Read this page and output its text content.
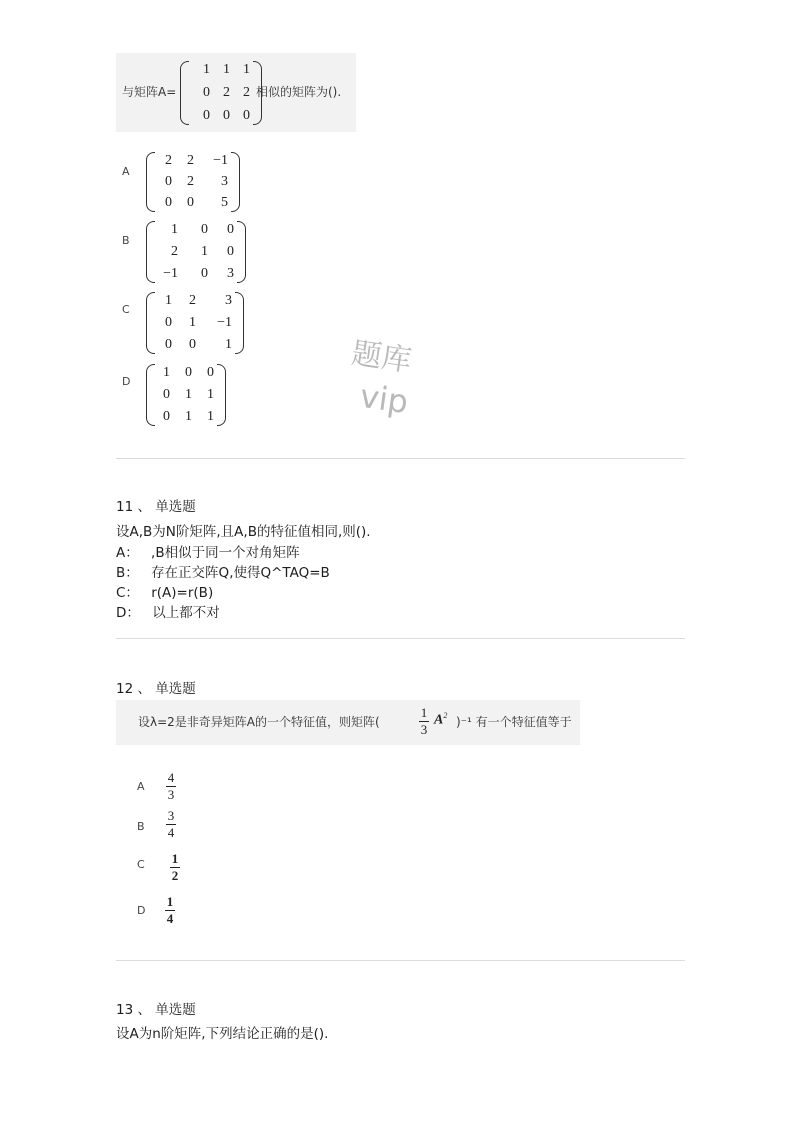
与矩阵A=
1 1 1
0 2 2
0 0 0
相似的矩阵为().
A
2	2	−1
0	2	3
0	0	5
B
1	0	0
2	1	0
−1	0	3
C
1	2	3
0	1	−1
0	0	1
D
1	0	0
0	1	1
0	1	1
题库
vip
11 、 单选题
设A,B为N阶矩阵,且A,B的特征值相同,则().
A： ,B相似于同一个对角矩阵
B： 存在正交阵Q,使得Q^TAQ=B
C： r(A)=r(B)
D： 以上都不对
12 、 单选题
设λ=2是非奇异矩阵A的一个特征值，则矩阵(
1
3
$A^2$ )⁻¹ 有一个特征值等于
A
4
3
B
3
4
C 1
2
D
1
4
13 、 单选题
设A为n阶矩阵,下列结论正确的是().
